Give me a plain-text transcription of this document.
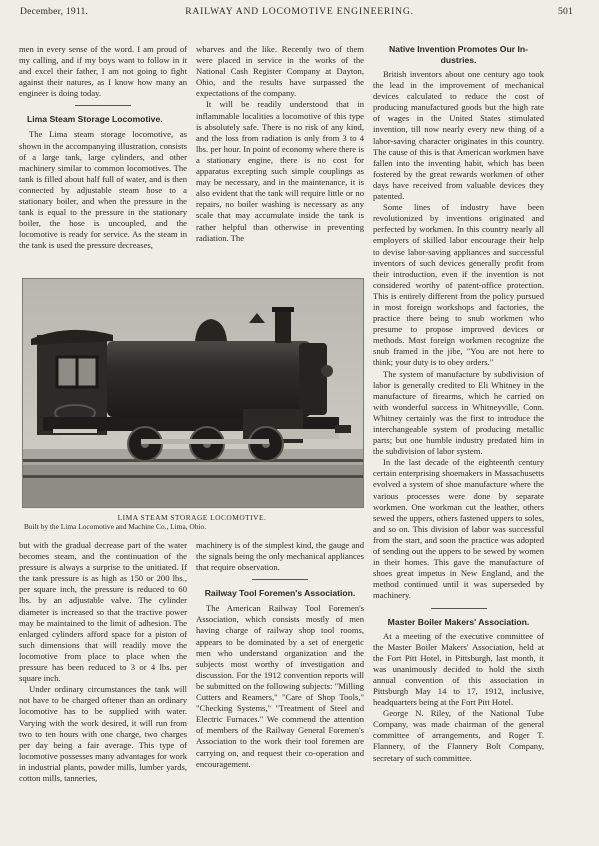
December, 1911.	RAILWAY AND LOCOMOTIVE ENGINEERING.	501

men in every sense of the word. I am proud of my calling, and if my boys want to follow in it and excel their father, I am not going to fight against their natures, as I know how many an engineer is doing today.

Lima Steam Storage Locomotive.

The Lima steam storage locomotive, as shown in the accompanying illustration, consists of a large tank, large cylinders, and other machinery similar to common locomotives. The tank is filled about half full of water, and is then connected by adjustable steam hose to a stationary boiler, and when the pressure in the tank is equal to the pressure in the stationary boiler, the hose is uncoupled, and the locomotive is ready for service. As the steam in the tank is used the pressure decreases,

wharves and the like. Recently two of them were placed in service in the works of the National Cash Register Company at Dayton, Ohio, and the results have surpassed the expectations of the company.

It will be readily understood that in inflammable localities a locomotive of this type is absolutely safe. There is no risk of any kind, and the loss from radiation is only from 3 to 4 lbs. per hour. In point of economy where there is a stationary engine, there is no cost for apparatus excepting such simple couplings as may be necessary, and in the maintenance, it is also evident that the tank will require little or no repairs, no boiler washing is necessary as any scale that may accumulate inside the tank is rather helpful than otherwise in preventing radiation. The

Native Invention Promotes Our In-
dustries.

British inventors about one century ago took the lead in the improvement of mechanical devices calculated to reduce the cost of producing manufactured goods but the high rate of wages in the United States stimulated invention, till now nearly every new thing of a labor-saving character originates in this country. The cause of this is that American workmen have fallen into the inventing habit, which has been fostered by the great rewards workmen of other days have received from valuable devices they patented.

Some lines of industry have been revolutionized by inventions originated and perfected by workmen. In this country nearly all employers of skilled labor encourage their help to devise labor-saving appliances and successful inventors of such devices generally profit from their introduction, even if the invention is not considered worthy of patent-office protection. This is entirely different from the policy pursued in most foreign workshops and factories, the practice there being to snub workmen who presume to propose improved devices or methods. Most foreign workmen recognize the snub framed in the jibe, "You are not here to think; your duty is to obey orders."

The system of manufacture by subdivision of labor is generally credited to Eli Whitney in the manufacture of firearms, which he carried on with wonderful success in Whitneyville, Conn. Whitney certainly was the first to introduce the interchangeable system of producing metallic parts; but one humble industry predated him in the subdivision of labor system.

In the last decade of the eighteenth century certain enterprising shoemakers in Massachusetts evolved a system of shoe manufacture where the various processes were done by separate workmen. One workman cut the leather, others sewed the uppers, others fastened uppers to soles, and so on. This division of labor was successful from the start, and soon the practice was adopted of sending out the uppers to be sewed by women in their homes. This gave the manufacture of shoes great impetus in New England, and the method continued until it was superseded by machinery.

Master Boiler Makers' Association.

At a meeting of the executive committee of the Master Boiler Makers' Association, held at the Fort Pitt Hotel, in Pittsburgh, last month, it was unanimously decided to hold the sixth annual convention of this association in Pittsburgh May 14 to 17, 1912, inclusive, headquarters being at the Fort Pitt Hotel.

George N. Riley, of the National Tube Company, was made chairman of the general committee of arrangements, and Roger T. Flannery, of the Flannery Bolt Company, secretary of such committee.

LIMA STEAM STORAGE LOCOMOTIVE.
Built by the Lima Locomotive and Machine Co., Lima, Ohio.

but with the gradual decrease part of the water becomes steam, and the continuation of the pressure is always a surprise to the unitiated. If the tank pressure is as high as 150 or 200 lbs., per square inch, the pressure is reduced to 60 lbs. by an adjustable valve. The cylinder diameter is increased so that the tractive power may be maintained to the limit of adhesion. The enlarged cylinders afford space for a piston of such dimensions that will readily move the locomotive from place to place when the pressure has been reduced to 3 or 4 lbs. per square inch.

Under ordinary circumstances the tank will not have to be charged oftener than an ordinary locomotive has to be supplied with water. Varying with the work desired, it will run from two to ten hours with one charge, two charges per day being a fair average. This type of locomotive possesses many advantages for work in industrial plants, powder mills, lumber yards, cotton mills, tanneries,

machinery is of the simplest kind, the gauge and the signals being the only mechanical appliances that require observation.

Railway Tool Foremen's Association.

The American Railway Tool Foremen's Association, which consists mostly of men having charge of railway shop tool rooms, appears to be dominated by a set of energetic men who understand organization and the subjects most worthy of investigation and discussion. For the 1912 convention reports will be submitted on the following subjects: "Milling Cutters and Reamers," "Care of Shop Tools," "Checking Systems," "Treatment of Steel and Electric Furnaces." We commend the attention of members of the Railway General Foremen's Association to the work their tool foremen are carrying on, and request their co-operation and encouragement.
